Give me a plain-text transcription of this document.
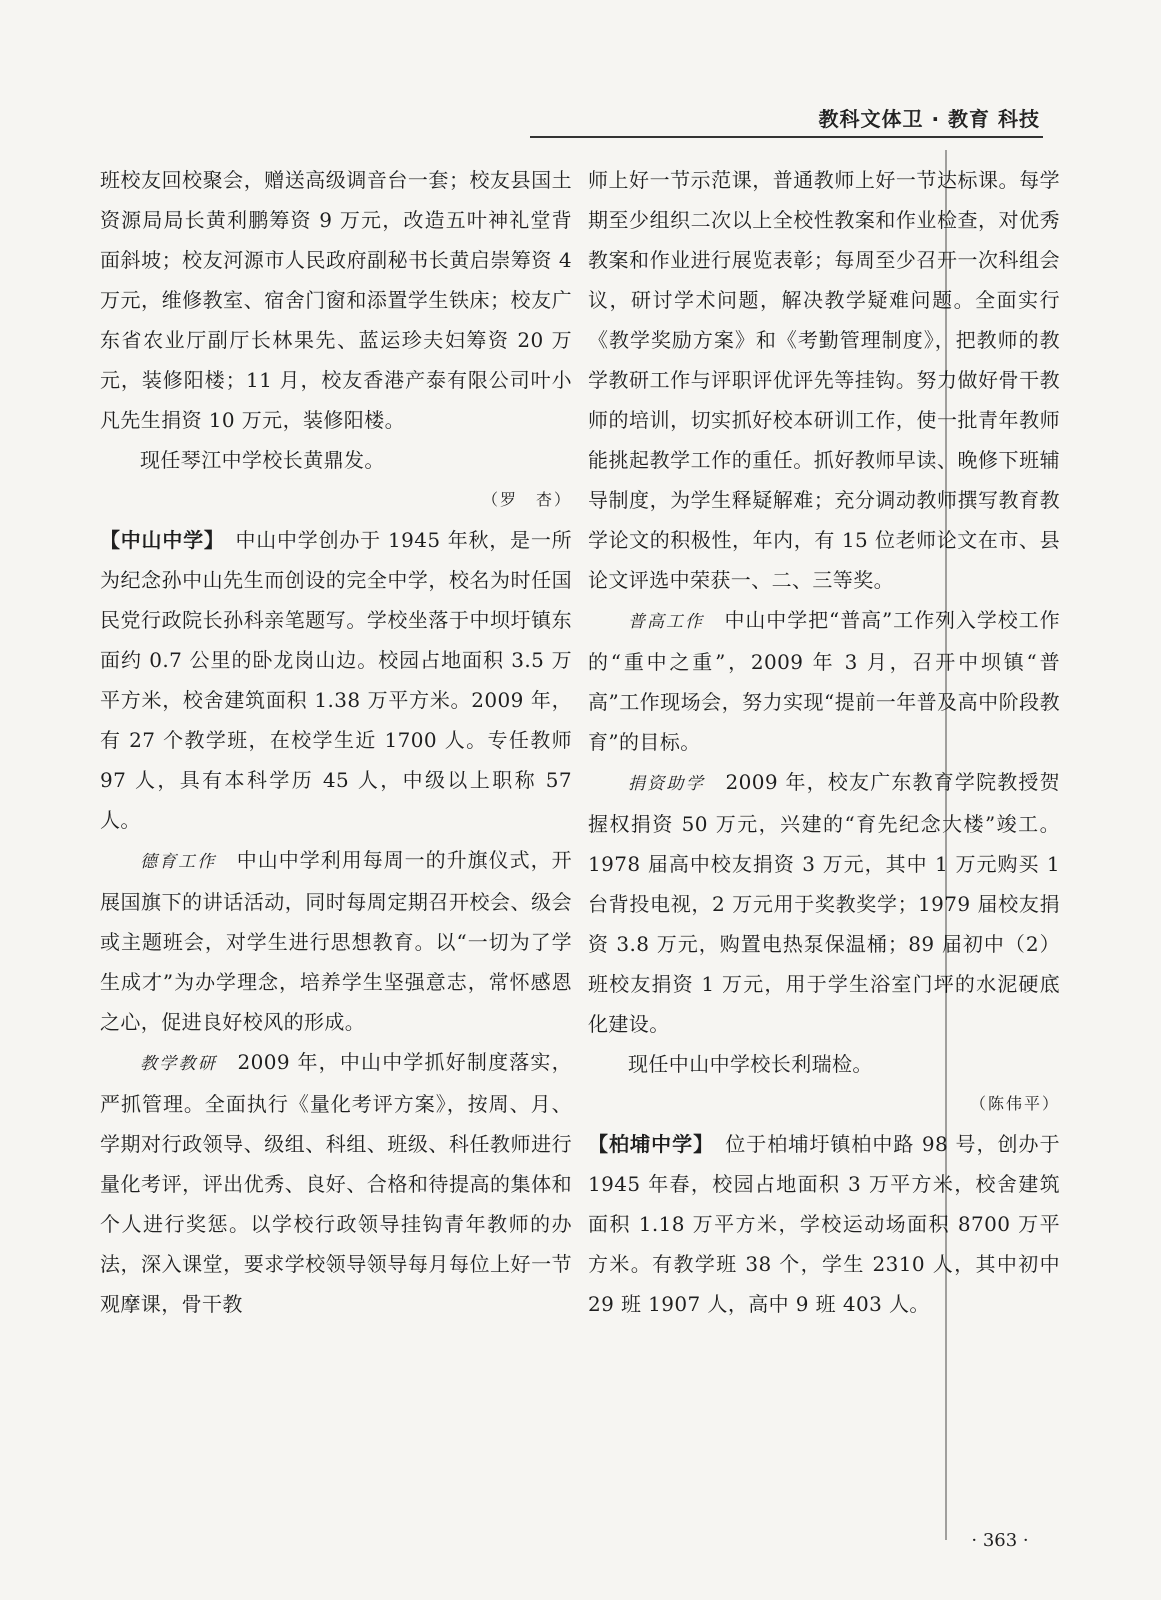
教科文体卫 · 教育 科技

班校友回校聚会，赠送高级调音台一套；校友县国土资源局局长黄利鹏筹资 9 万元，改造五叶神礼堂背面斜坡；校友河源市人民政府副秘书长黄启崇筹资 4 万元，维修教室、宿舍门窗和添置学生铁床；校友广东省农业厅副厅长林果先、蓝运珍夫妇筹资 20 万元，装修阳楼；11 月，校友香港产泰有限公司叶小凡先生捐资 10 万元，装修阳楼。

现任琴江中学校长黄鼎发。

（罗　杏）

【中山中学】　 中山中学创办于 1945 年秋，是一所为纪念孙中山先生而创设的完全中学，校名为时任国民党行政院长孙科亲笔题写。学校坐落于中坝圩镇东面约 0.7 公里的卧龙岗山边。校园占地面积 3.5 万平方米，校舍建筑面积 1.38 万平方米。2009 年，有 27 个教学班，在校学生近 1700 人。专任教师 97 人，具有本科学历 45 人，中级以上职称 57 人。

德育工作 中山中学利用每周一的升旗仪式，开展国旗下的讲话活动，同时每周定期召开校会、级会或主题班会，对学生进行思想教育。以“一切为了学生成才”为办学理念，培养学生坚强意志，常怀感恩之心，促进良好校风的形成。

教学教研 2009 年，中山中学抓好制度落实，严抓管理。全面执行《量化考评方案》，按周、月、学期对行政领导、级组、科组、班级、科任教师进行量化考评，评出优秀、良好、合格和待提高的集体和个人进行奖惩。以学校行政领导挂钩青年教师的办法，深入课堂，要求学校领导领导每月每位上好一节观摩课，骨干教

师上好一节示范课，普通教师上好一节达标课。每学期至少组织二次以上全校性教案和作业检查，对优秀教案和作业进行展览表彰；每周至少召开一次科组会议，研讨学术问题，解决教学疑难问题。全面实行《教学奖励方案》和《考勤管理制度》，把教师的教学教研工作与评职评优评先等挂钩。努力做好骨干教师的培训，切实抓好校本研训工作，使一批青年教师能挑起教学工作的重任。抓好教师早读、晚修下班辅导制度，为学生释疑解难；充分调动教师撰写教育教学论文的积极性，年内，有 15 位老师论文在市、县论文评选中荣获一、二、三等奖。

普高工作 中山中学把“普高”工作列入学校工作的“重中之重”，2009 年 3 月，召开中坝镇“普高”工作现场会，努力实现“提前一年普及高中阶段教育”的目标。

捐资助学 2009 年，校友广东教育学院教授贺握权捐资 50 万元，兴建的“育先纪念大楼”竣工。1978 届高中校友捐资 3 万元，其中 1 万元购买 1 台背投电视，2 万元用于奖教奖学；1979 届校友捐资 3.8 万元，购置电热泵保温桶；89 届初中（2）班校友捐资 1 万元，用于学生浴室门坪的水泥硬底化建设。

现任中山中学校长利瑞检。

（陈伟平）

【柏埔中学】　 位于柏埔圩镇柏中路 98 号，创办于 1945 年春，校园占地面积 3 万平方米，校舍建筑面积 1.18 万平方米，学校运动场面积 8700 万平方米。有教学班 38 个，学生 2310 人，其中初中 29 班 1907 人，高中 9 班 403 人。

· 363 ·
